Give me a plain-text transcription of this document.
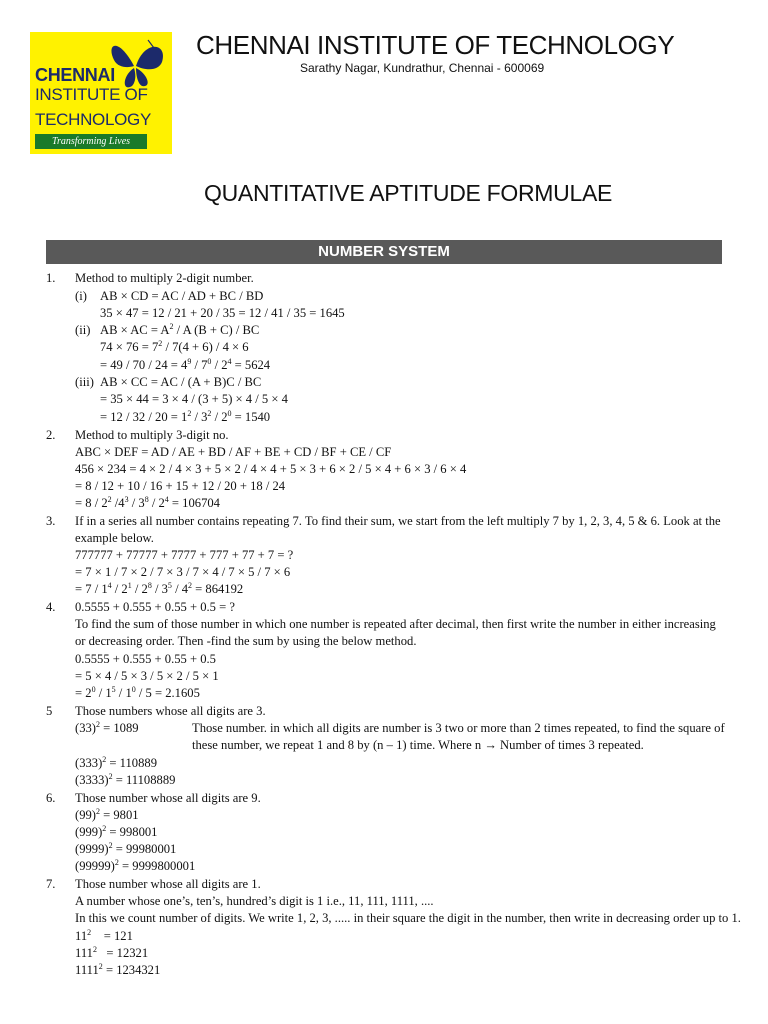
CHENNAI
INSTITUTE OF
TECHNOLOGY
Transforming Lives
CHENNAI INSTITUTE OF TECHNOLOGY
Sarathy Nagar, Kundrathur, Chennai - 600069
QUANTITATIVE APTITUDE FORMULAE
NUMBER SYSTEM
1. Method to multiply 2-digit number.
(i) AB × CD = AC / AD + BC / BD
35 × 47 = 12 / 21 + 20 / 35 = 12 / 41 / 35 = 1645
(ii) AB × AC = $A^2$ / A (B + C) / BC
$74 \times 76 = 7^2 / 7(4 + 6) / 4 \times 6$
= $49 / 70 / 24 = 4^9 / 7^0 / 2^4 = 5624$
(iii) AB × CC = AC / (A + B)C / BC
= 35 × 44 = 3 × 4 / (3 + 5) × 4 / 5 × 4
= $12 / 32 / 20 = 1^2 / 3^2 / 2^0 = 1540$
2. Method to multiply 3-digit no.
ABC × DEF = AD / AE + BD / AF + BE + CD / BF + CE / CF
456 × 234 = 4 × 2 / 4 × 3 + 5 × 2 / 4 × 4 + 5 × 3 + 6 × 2 / 5 × 4 + 6 × 3 / 6 × 4
= 8 / 12 + 10 / 16 + 15 + 12 / 20 + 18 / 24
= $8 / 2^2$ $/4^3 / 3^8 / 2^4 = 106704$
3. If in a series all number contains repeating 7. To find their sum, we start from the left multiply 7 by 1, 2, 3, 4, 5 & 6. Look at the
example below.
777777 + 77777 + 7777 + 777 + 77 + 7 = ?
= 7 × 1 / 7 × 2 / 7 × 3 / 7 × 4 / 7 × 5 / 7 × 6
= $7 / 1^4 / 2^1 / 2^8 / 3^5 / 4^2 = 864192$
4. 0.5555 + 0.555 + 0.55 + 0.5 = ?
To find the sum of those number in which one number is repeated after decimal, then first write the number in either increasing
or decreasing order. Then -find the sum by using the below method.
0.5555 + 0.555 + 0.55 + 0.5
= 5 × 4 / 5 × 3 / 5 × 2 / 5 × 1
= $2^0 / 1^5 / 1^0 / 5 = 2.1605$
5 Those numbers whose all digits are 3.
$(33)^2 = 1089$	Those number. in which all digits are number is 3 two or more than 2 times repeated, to find the square of
these number, we repeat 1 and 8 by (n – 1) time. Where n → Number of times 3 repeated.
$(333)^2 = 110889$
$(3333)^2 = 11108889$
6. Those number whose all digits are 9.
$(99)^2 = 9801$
$(999)^2 = 998001$
$(9999)^2 = 99980001$
$(99999)^2 = 9999800001$
7. Those number whose all digits are 1.
A number whose one’s, ten’s, hundred’s digit is 1 i.e., 11, 111, 1111, ....
In this we count number of digits. We write 1, 2, 3, ..... in their square the digit in the number, then write in decreasing order up to 1.
$11^2$    = 121
$111^2 = 12321$
$1111^2 = 1234321$
